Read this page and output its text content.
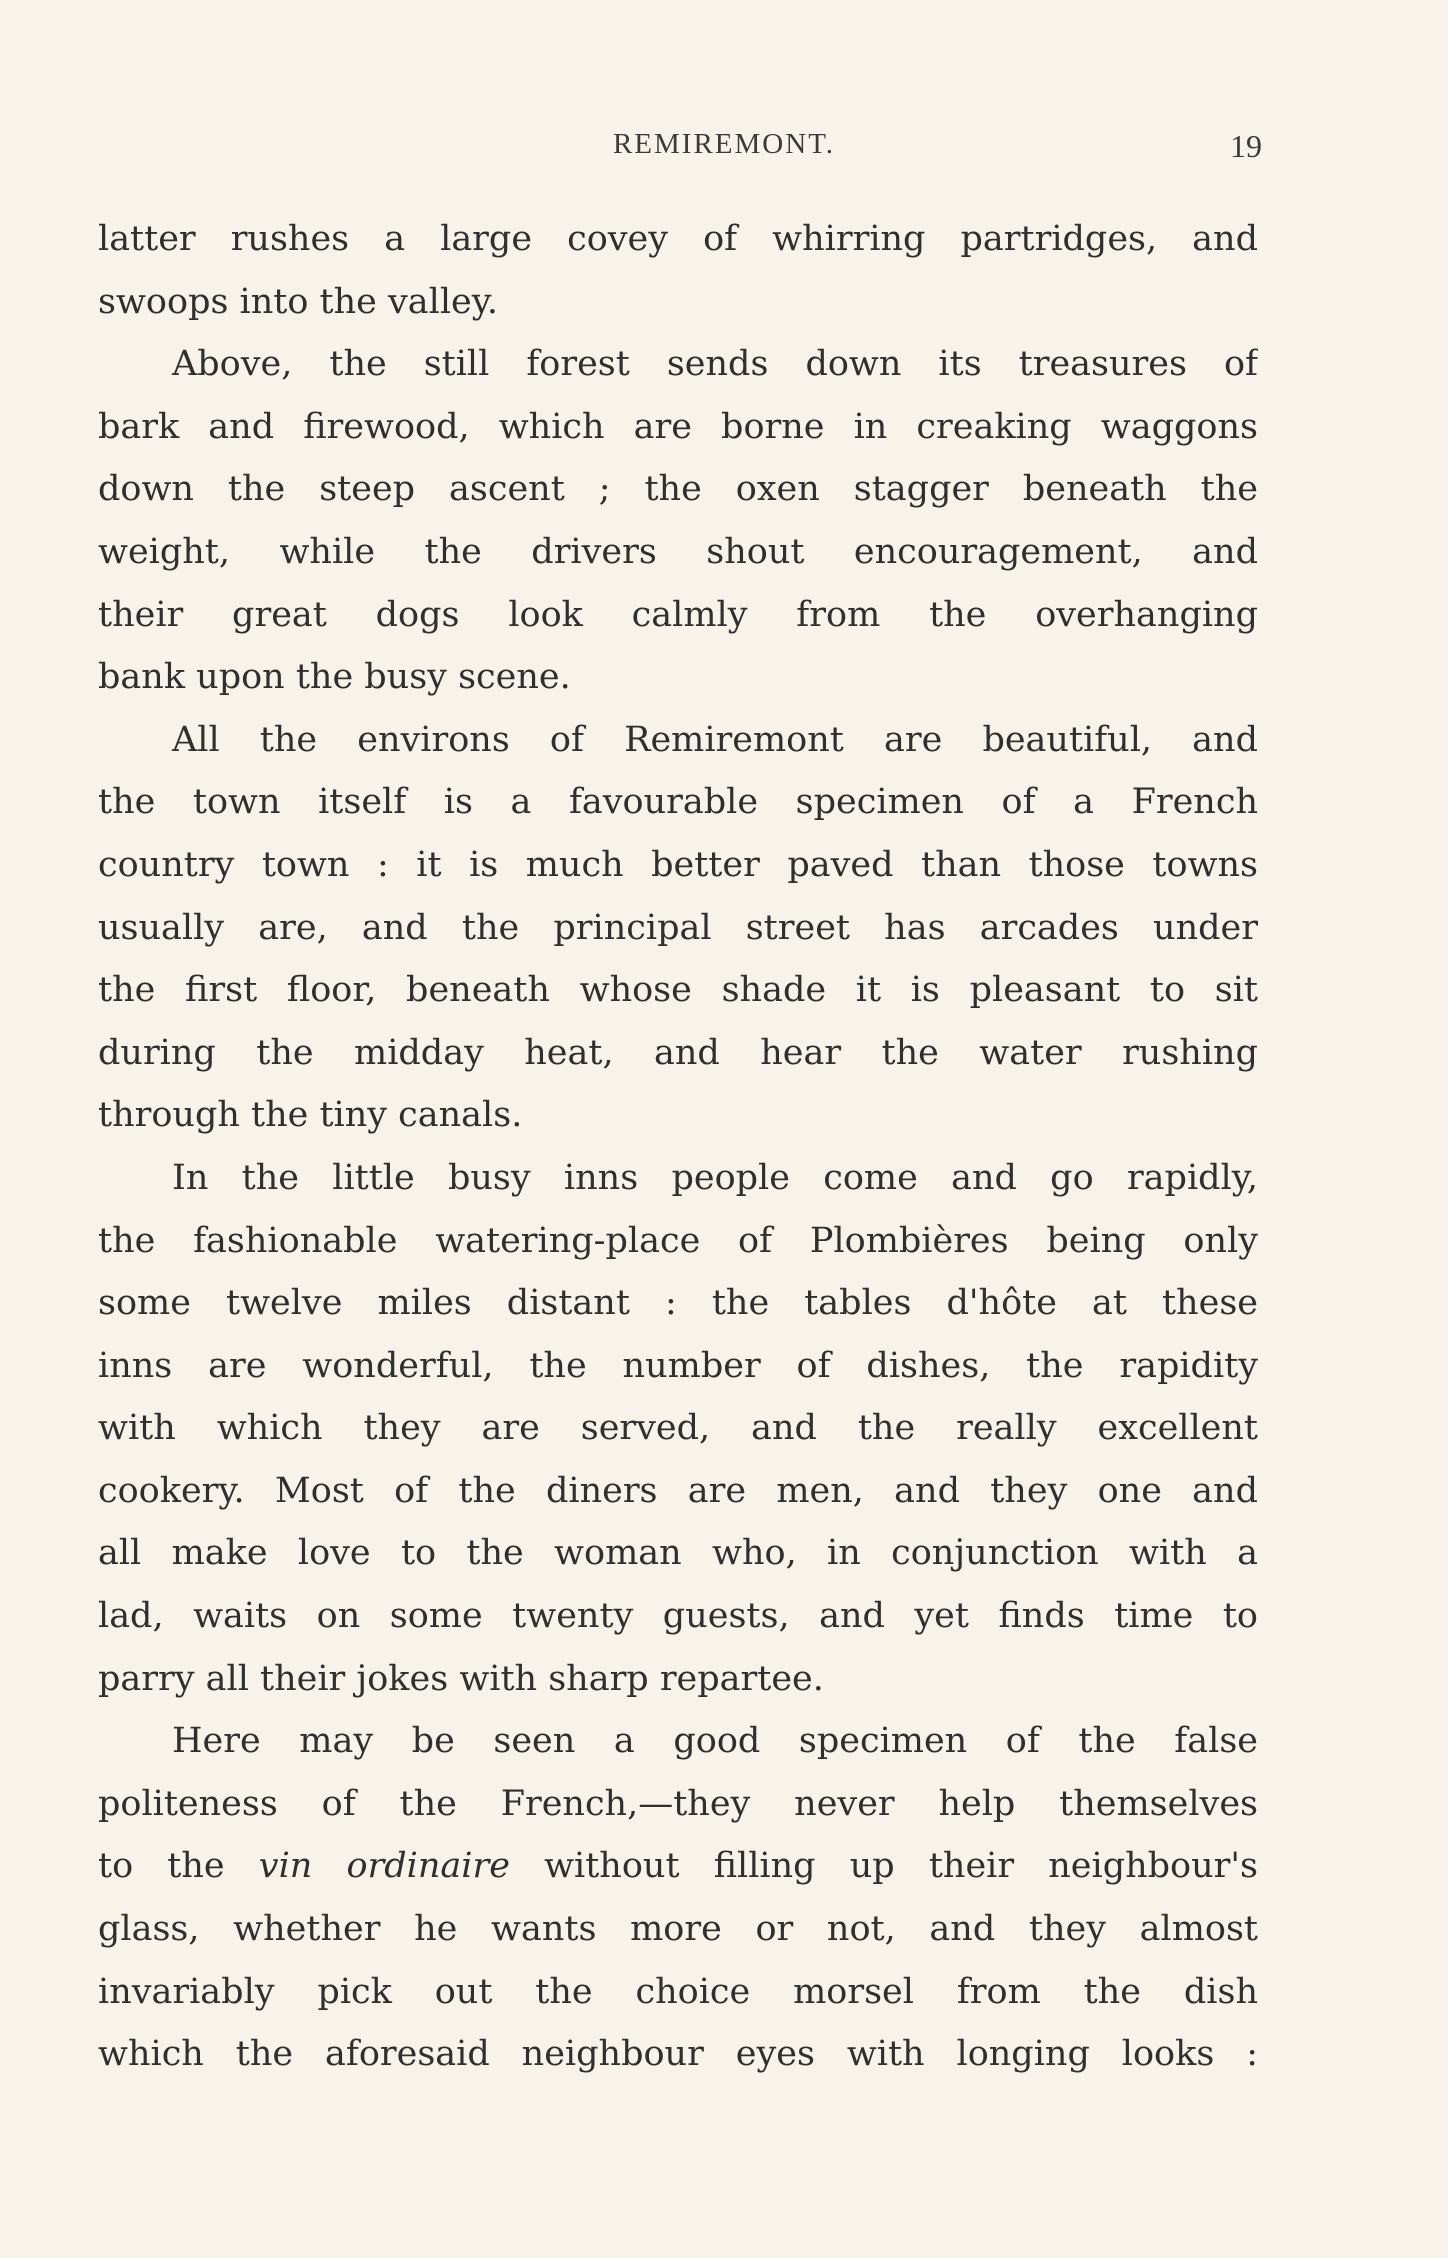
REMIREMONT.	19
latter rushes a large covey of whirring partridges, and
swoops into the valley.
Above, the still forest sends down its treasures of
bark and firewood, which are borne in creaking waggons
down the steep ascent ; the oxen stagger beneath the
weight, while the drivers shout encouragement, and
their great dogs look calmly from the overhanging
bank upon the busy scene.
All the environs of Remiremont are beautiful, and
the town itself is a favourable specimen of a French
country town : it is much better paved than those towns
usually are, and the principal street has arcades under
the first floor, beneath whose shade it is pleasant to sit
during the midday heat, and hear the water rushing
through the tiny canals.
In the little busy inns people come and go rapidly,
the fashionable watering-place of Plombières being only
some twelve miles distant : the tables d'hôte at these
inns are wonderful, the number of dishes, the rapidity
with which they are served, and the really excellent
cookery. Most of the diners are men, and they one and
all make love to the woman who, in conjunction with a
lad, waits on some twenty guests, and yet finds time to
parry all their jokes with sharp repartee.
Here may be seen a good specimen of the false
politeness of the French,—they never help themselves
to the vin ordinaire without filling up their neighbour's
glass, whether he wants more or not, and they almost
invariably pick out the choice morsel from the dish
which the aforesaid neighbour eyes with longing looks :
